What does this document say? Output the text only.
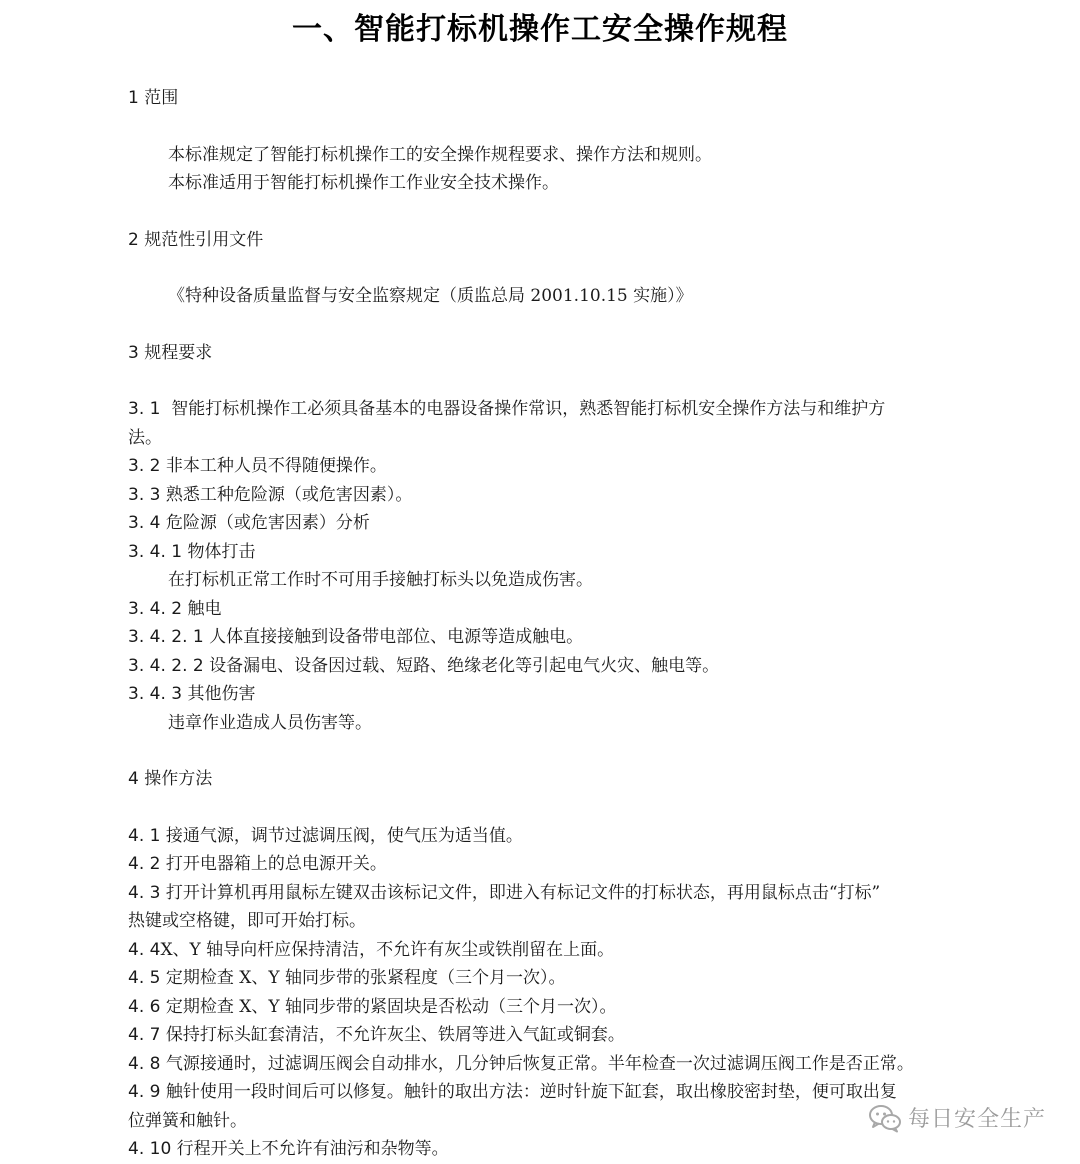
一、智能打标机操作工安全操作规程

1 范围

本标准规定了智能打标机操作工的安全操作规程要求、操作方法和规则。

本标准适用于智能打标机操作工作业安全技术操作。

2 规范性引用文件

《特种设备质量监督与安全监察规定（质监总局 2001.10.15 实施）》

3 规程要求

3. 1  智能打标机操作工必须具备基本的电器设备操作常识，熟悉智能打标机安全操作方法与和维护方

法。

3. 2 非本工种人员不得随便操作。

3. 3 熟悉工种危险源（或危害因素）。

3. 4 危险源（或危害因素）分析

3. 4. 1 物体打击

在打标机正常工作时不可用手接触打标头以免造成伤害。

3. 4. 2 触电

3. 4. 2. 1 人体直接接触到设备带电部位、电源等造成触电。

3. 4. 2. 2 设备漏电、设备因过载、短路、绝缘老化等引起电气火灾、触电等。

3. 4. 3 其他伤害

违章作业造成人员伤害等。

4 操作方法

4. 1 接通气源，调节过滤调压阀，使气压为适当值。

4. 2 打开电器箱上的总电源开关。

4. 3 打开计算机再用鼠标左键双击该标记文件，即进入有标记文件的打标状态，再用鼠标点击“打标”

热键或空格键，即可开始打标。

4. 4X、Y 轴导向杆应保持清洁，不允许有灰尘或铁削留在上面。

4. 5 定期检查 X、Y 轴同步带的张紧程度（三个月一次）。

4. 6 定期检查 X、Y 轴同步带的紧固块是否松动（三个月一次）。

4. 7 保持打标头缸套清洁，不允许灰尘、铁屑等进入气缸或铜套。

4. 8 气源接通时，过滤调压阀会自动排水，几分钟后恢复正常。半年检查一次过滤调压阀工作是否正常。

4. 9 触针使用一段时间后可以修复。触针的取出方法：逆时针旋下缸套，取出橡胶密封垫，便可取出复

位弹簧和触针。

4. 10 行程开关上不允许有油污和杂物等。

每日安全生产
